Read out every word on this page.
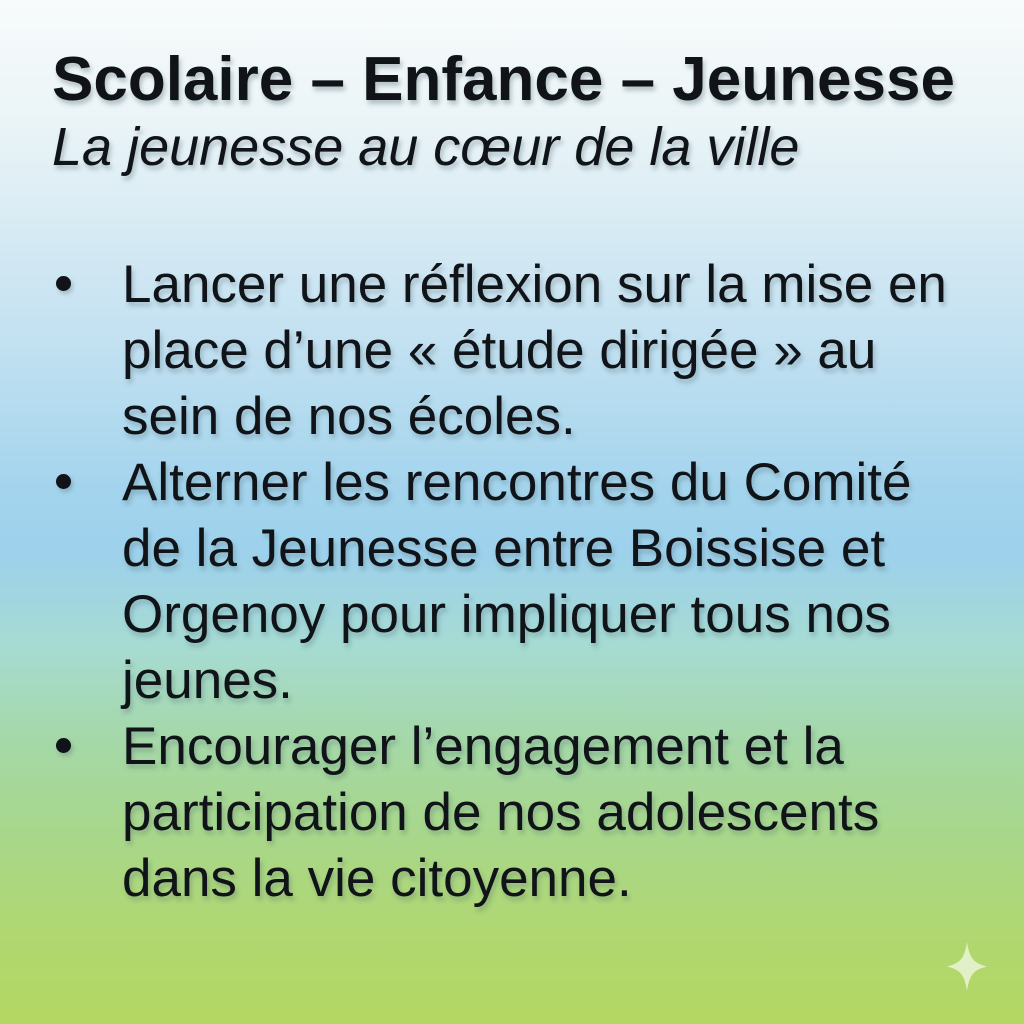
Scolaire – Enfance – Jeunesse
La jeunesse au cœur de la ville
Lancer une réflexion sur la mise en place d’une « étude dirigée » au sein de nos écoles.
Alterner les rencontres du Comité de la Jeunesse entre Boissise et Orgenoy pour impliquer tous nos jeunes.
Encourager l’engagement et la participation de nos adolescents dans la vie citoyenne.
